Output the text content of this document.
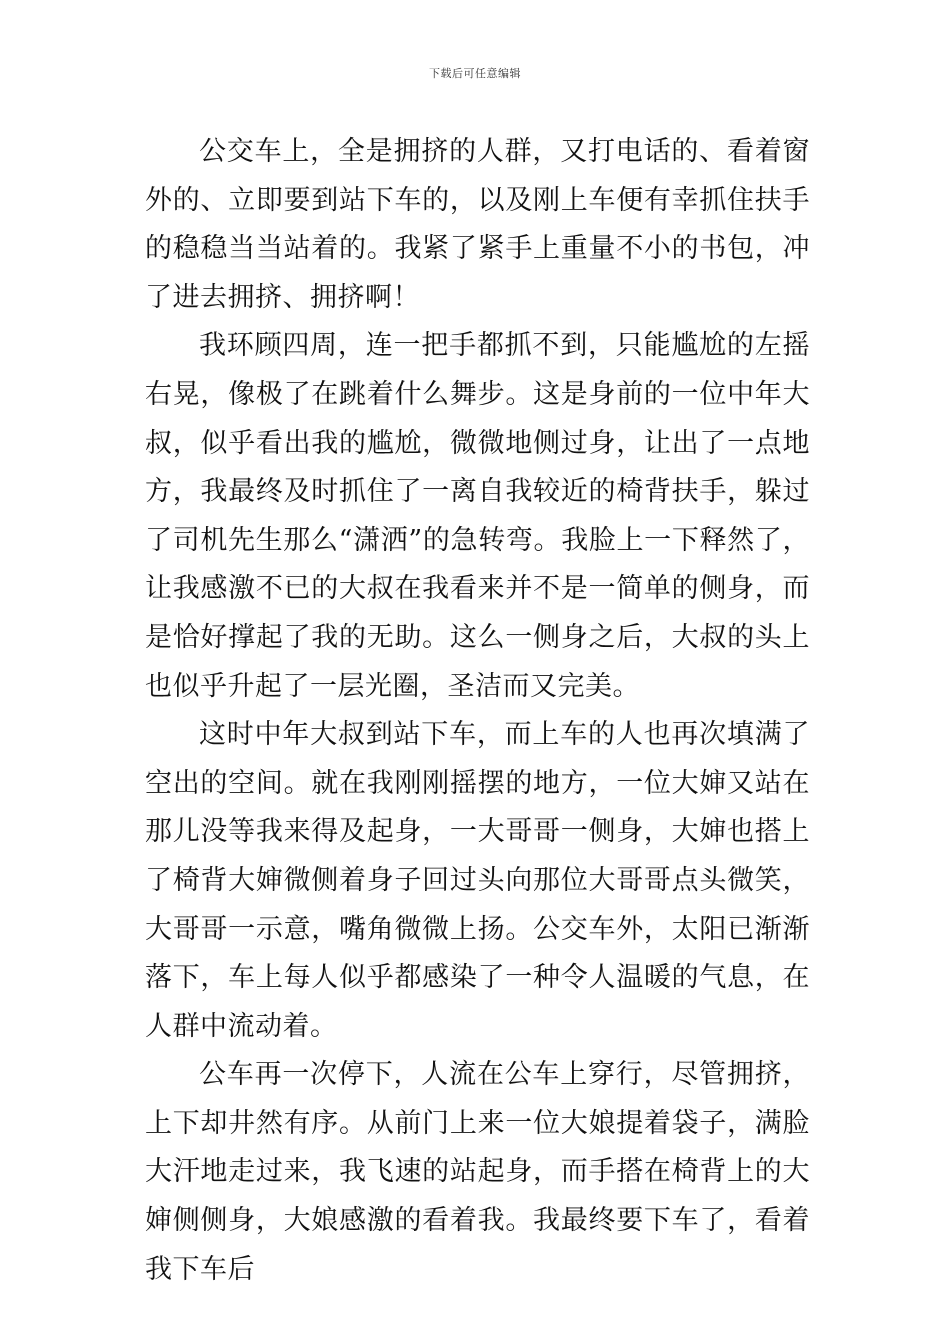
下载后可任意编辑

公交车上，全是拥挤的人群，又打电话的、看着窗外的、立即要到站下车的，以及刚上车便有幸抓住扶手的稳稳当当站着的。我紧了紧手上重量不小的书包，冲了进去拥挤、拥挤啊！

我环顾四周，连一把手都抓不到，只能尴尬的左摇右晃，像极了在跳着什么舞步。这是身前的一位中年大叔，似乎看出我的尴尬，微微地侧过身，让出了一点地方，我最终及时抓住了一离自我较近的椅背扶手，躲过了司机先生那么“潇洒”的急转弯。我脸上一下释然了，让我感激不已的大叔在我看来并不是一简单的侧身，而是恰好撑起了我的无助。这么一侧身之后，大叔的头上也似乎升起了一层光圈，圣洁而又完美。

这时中年大叔到站下车，而上车的人也再次填满了空出的空间。就在我刚刚摇摆的地方，一位大婶又站在那儿没等我来得及起身，一大哥哥一侧身，大婶也搭上了椅背大婶微侧着身子回过头向那位大哥哥点头微笑，大哥哥一示意，嘴角微微上扬。公交车外，太阳已渐渐落下，车上每人似乎都感染了一种令人温暖的气息，在人群中流动着。

公车再一次停下，人流在公车上穿行，尽管拥挤，上下却井然有序。从前门上来一位大娘提着袋子，满脸大汗地走过来，我飞速的站起身，而手搭在椅背上的大婶侧侧身，大娘感激的看着我。我最终要下车了，看着我下车后
